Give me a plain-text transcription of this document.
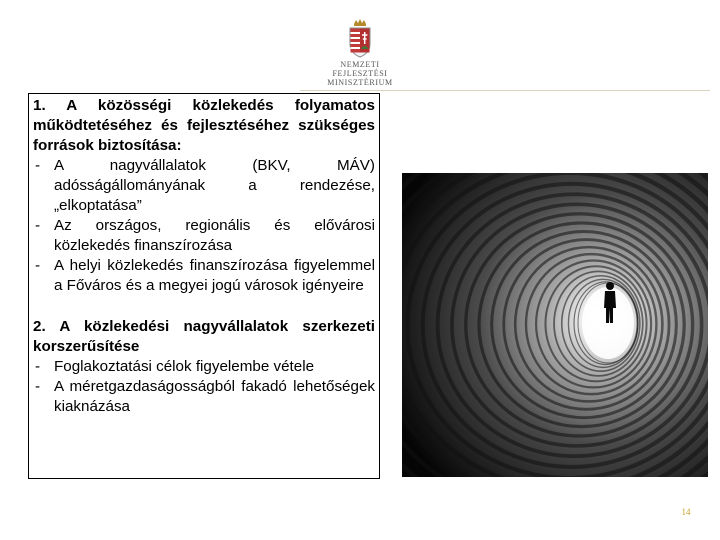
NEMZETI FEJLESZTÉSI
MINISZTÉRIUM

1. A közösségi közlekedés folyamatos működtetéséhez és fejlesztéséhez szükséges források biztosítása:

- A nagyvállalatok (BKV, MÁV) adósságállományának a rendezése, „elkoptatása”
- Az országos, regionális és elővárosi közlekedés finanszírozása
- A helyi közlekedés finanszírozása figyelemmel a Főváros és a megyei jogú városok igényeire

2. A közlekedési nagyvállalatok szerkezeti korszerűsítése

- Foglakoztatási célok figyelembe vétele
- A méretgazdaságosságból fakadó lehetőségek kiaknázása
14
